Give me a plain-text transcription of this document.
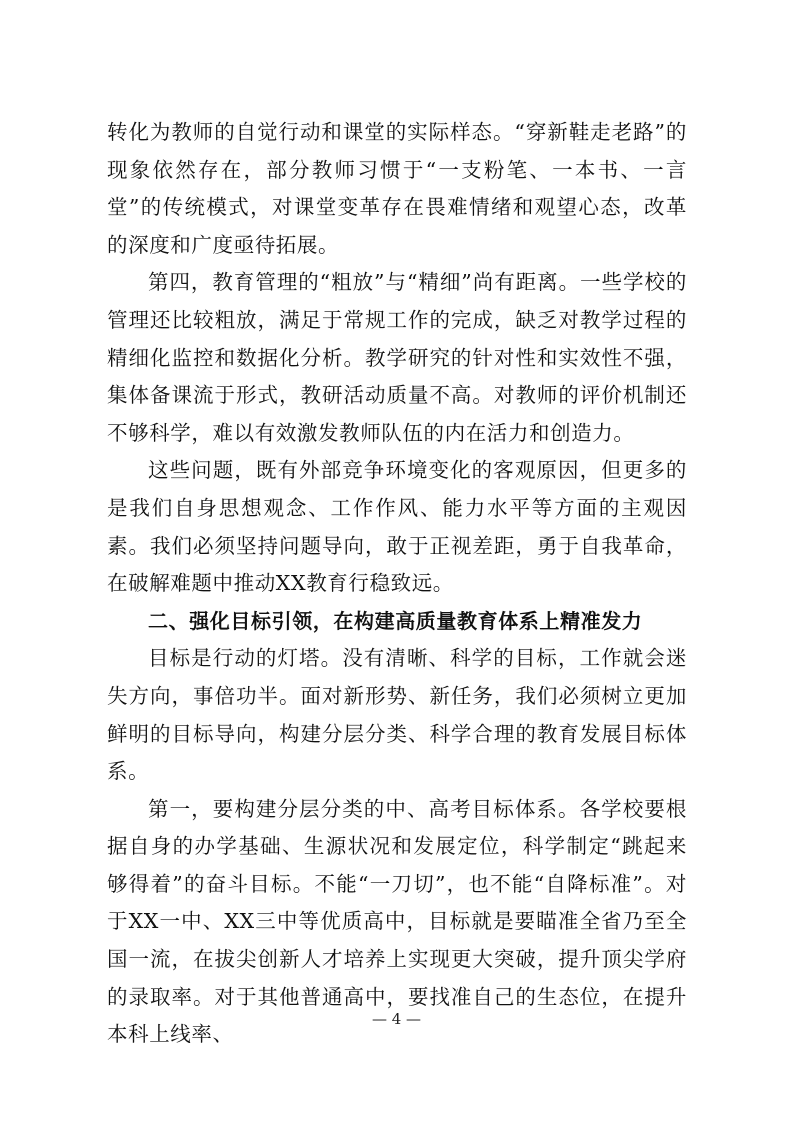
转化为教师的自觉行动和课堂的实际样态。“穿新鞋走老路”的现象依然存在，部分教师习惯于“一支粉笔、一本书、一言堂”的传统模式，对课堂变革存在畏难情绪和观望心态，改革的深度和广度亟待拓展。

第四，教育管理的“粗放”与“精细”尚有距离。一些学校的管理还比较粗放，满足于常规工作的完成，缺乏对教学过程的精细化监控和数据化分析。教学研究的针对性和实效性不强，集体备课流于形式，教研活动质量不高。对教师的评价机制还不够科学，难以有效激发教师队伍的内在活力和创造力。

这些问题，既有外部竞争环境变化的客观原因，但更多的是我们自身思想观念、工作作风、能力水平等方面的主观因素。我们必须坚持问题导向，敢于正视差距，勇于自我革命，在破解难题中推动XX教育行稳致远。

二、强化目标引领，在构建高质量教育体系上精准发力

目标是行动的灯塔。没有清晰、科学的目标，工作就会迷失方向，事倍功半。面对新形势、新任务，我们必须树立更加鲜明的目标导向，构建分层分类、科学合理的教育发展目标体系。

第一，要构建分层分类的中、高考目标体系。各学校要根据自身的办学基础、生源状况和发展定位，科学制定“跳起来够得着”的奋斗目标。不能“一刀切”，也不能“自降标准”。对于XX一中、XX三中等优质高中，目标就是要瞄准全省乃至全国一流，在拔尖创新人才培养上实现更大突破，提升顶尖学府的录取率。对于其他普通高中，要找准自己的生态位，在提升本科上线率、

— 4 —
